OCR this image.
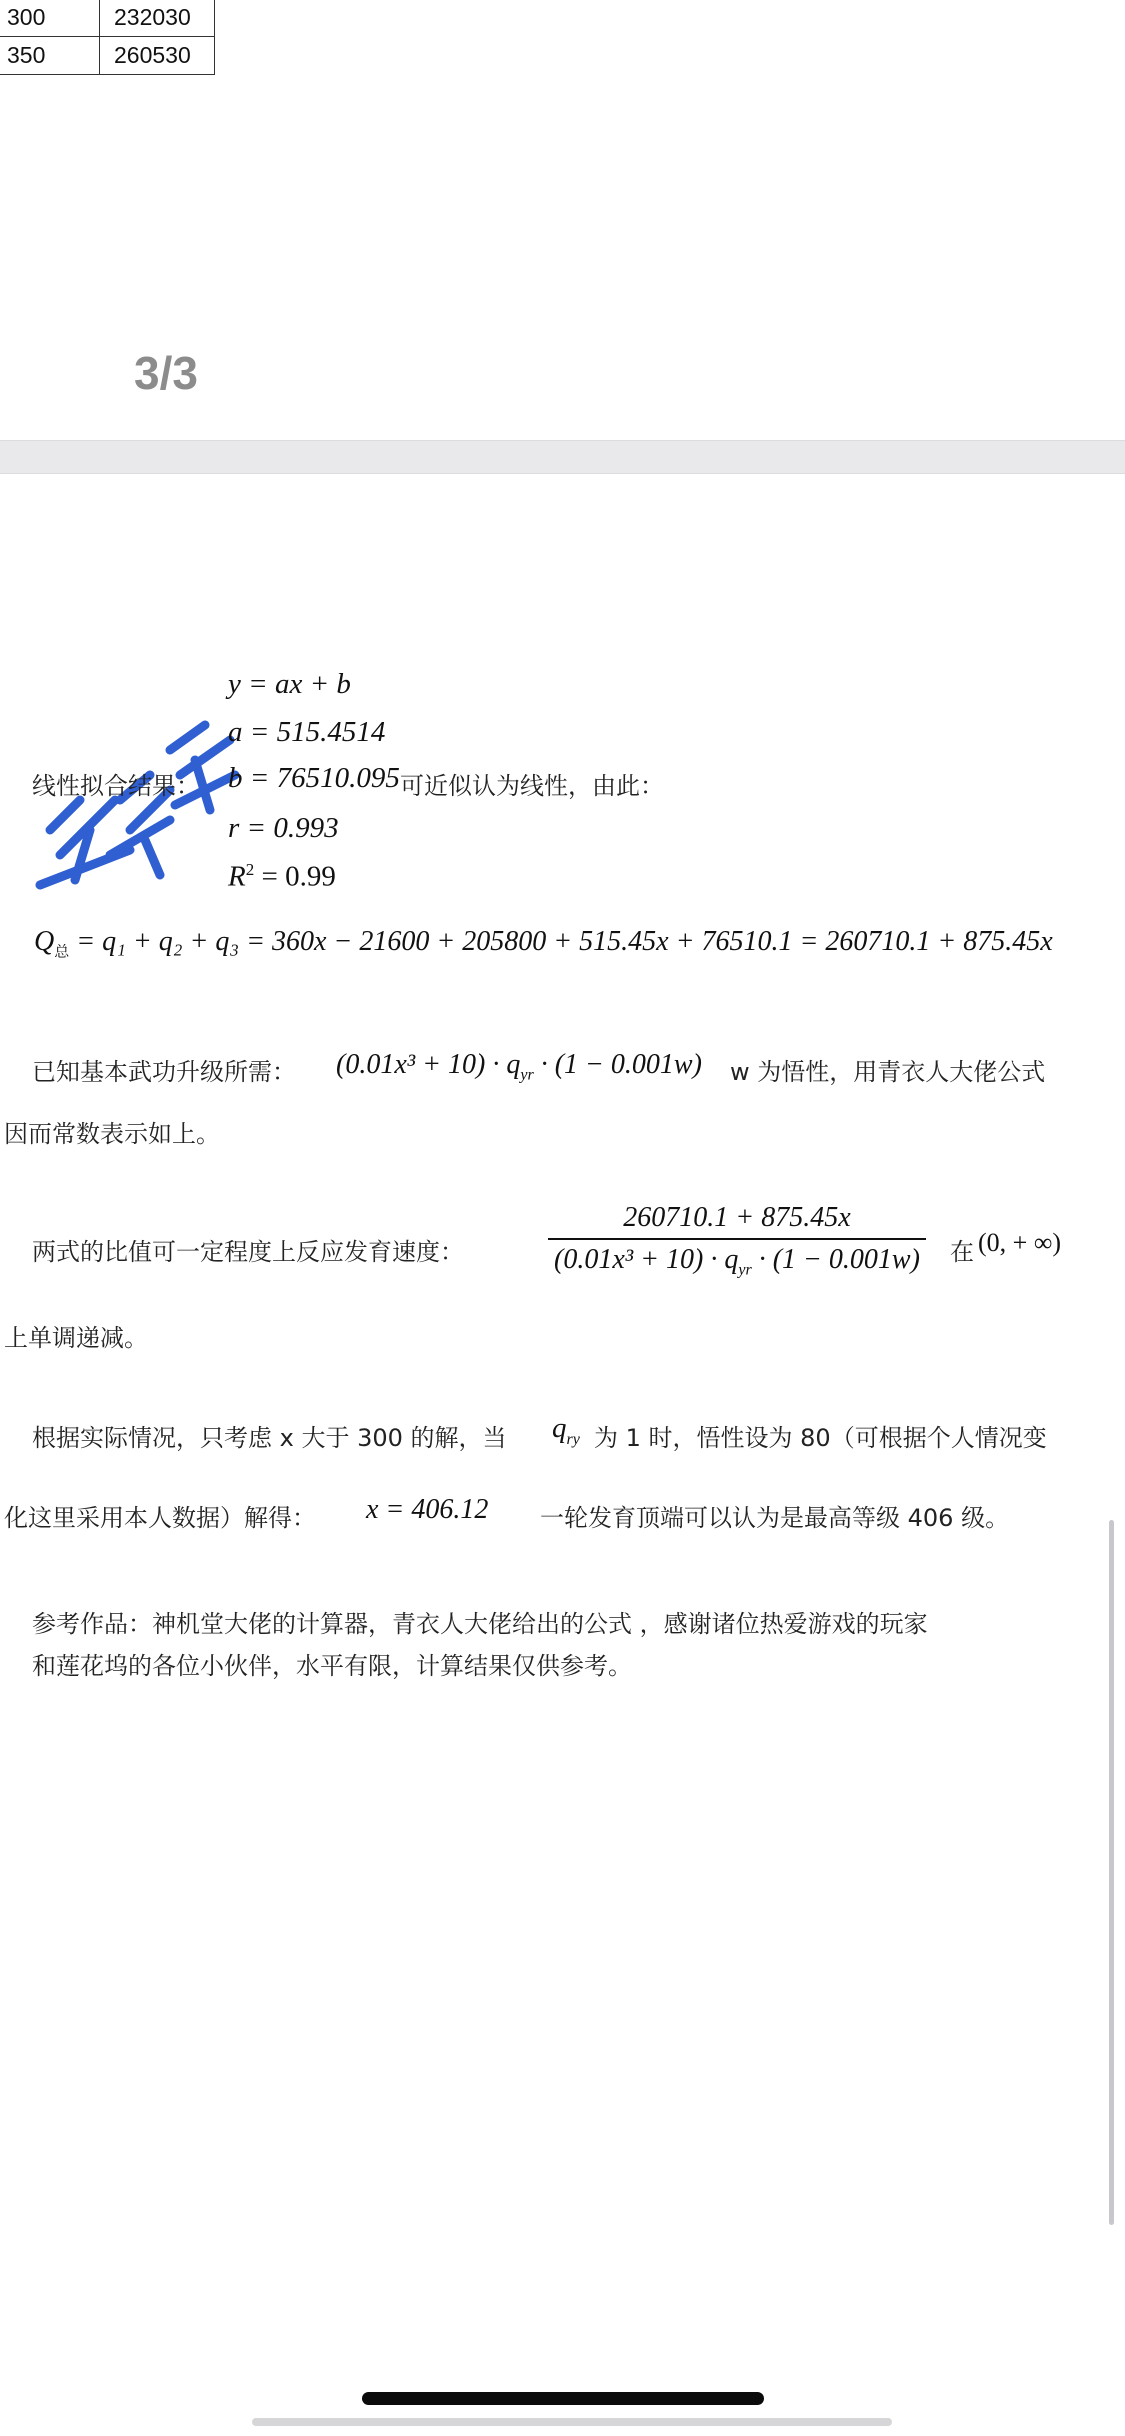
300	232030
350	260530
3/3
y = ax + b
a = 515.4514
线性拟合结果： b = 76510.095 可近似认为线性，由此：
r = 0.993
$R^2 = 0.99$
$Q_总 = q_1 + q_2 + q_3 = 360x - 21600 + 205800 + 515.45x + 76510.1 = 260710.1 + 875.45x$
已知基本武功升级所需： $(0.01x^3 + 10) \cdot q_{yr} \cdot (1 - 0.001w)$ w 为悟性，用青衣人大佬公式
因而常数表示如上。
两式的比值可一定程度上反应发育速度：	$\frac{260710.1 + 875.45x}{(0.01x^3 + 10) \cdot q_{yr} \cdot (1 - 0.001w)}$ 在 (0, + ∞)
上单调递减。
根据实际情况，只考虑 x 大于 300 的解，当 $q_{ry}$ 为 1 时，悟性设为 80（可根据个人情况变
化这里采用本人数据）解得： x = 406.12 一轮发育顶端可以认为是最高等级 406 级。
参考作品：神机堂大佬的计算器，青衣人大佬给出的公式 ，感谢诸位热爱游戏的玩家
和莲花坞的各位小伙伴，水平有限，计算结果仅供参考。
